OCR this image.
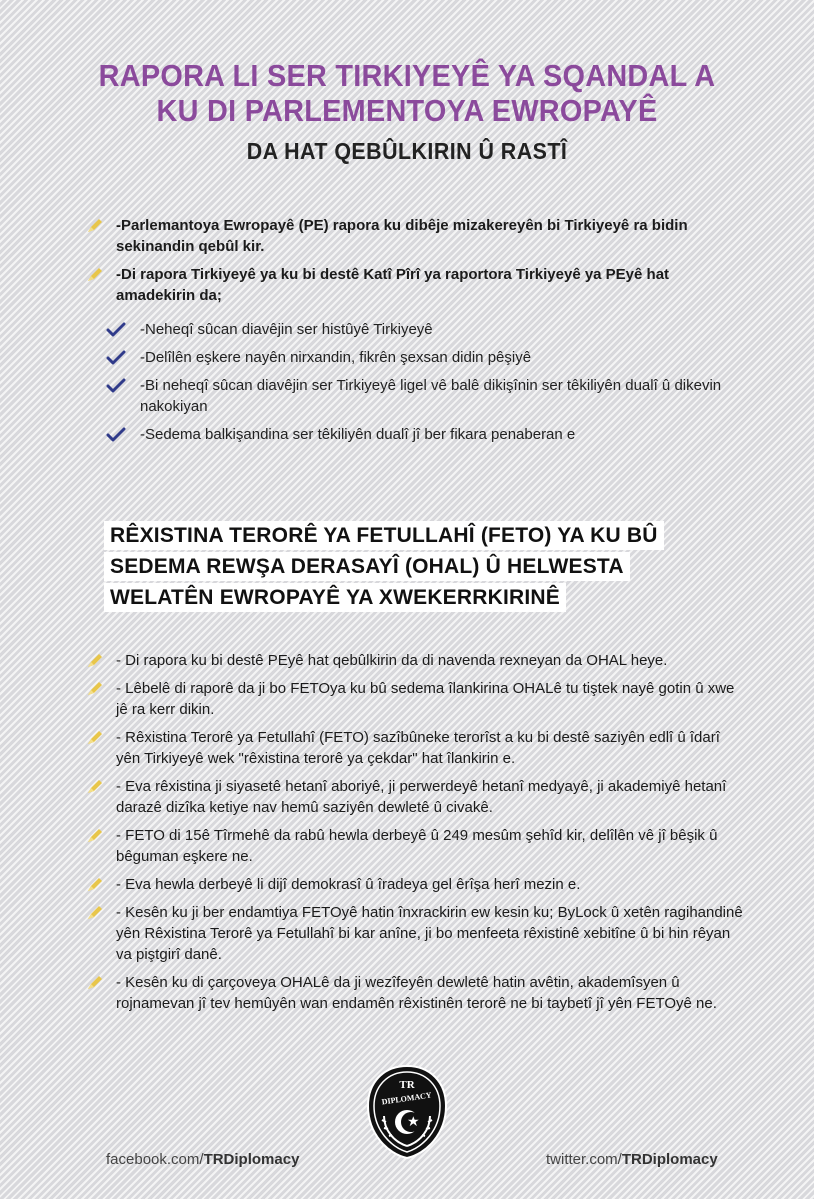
RAPORA LI SER TIRKIYEYÊ YA SQANDAL A
KU DI PARLEMENTOYA EWROPAYÊ
DA HAT QEBÛLKIRIN Û RASTÎ
-Parlemantoya Ewropayê (PE) rapora ku dibêje mizakereyên bi Tirkiyeyê ra bidin sekinandin qebûl kir.
-Di rapora Tirkiyeyê ya ku bi destê Katî Pîrî ya raportora Tirkiyeyê ya PEyê hat amadekirin da;
-Neheqî sûcan diavêjin ser histûyê Tirkiyeyê
-Delîlên eşkere nayên nirxandin, fikrên şexsan didin pêşiyê
-Bi neheqî sûcan diavêjin ser Tirkiyeyê ligel vê balê dikişînin ser têkiliyên dualî û dikevin nakokiyan
-Sedema balkişandina ser têkiliyên dualî jî ber fikara penaberan e
RÊXISTINA TERORÊ YA FETULLAHÎ (FETO) YA KU BÛ
SEDEMA REWŞA DERASAYÎ (OHAL) Û HELWESTA
WELATÊN EWROPAYÊ YA XWEKERRKIRINÊ
- Di rapora ku bi destê PEyê hat qebûlkirin da di navenda rexneyan da OHAL heye.
- Lêbelê di raporê da ji bo FETOya ku bû sedema îlankirina OHALê tu tiştek nayê gotin û xwe jê ra kerr dikin.
- Rêxistina Terorê ya Fetullahî (FETO) sazîbûneke terorîst a ku bi destê saziyên edlî û îdarî yên Tirkiyeyê wek "rêxistina terorê ya çekdar" hat îlankirin e.
- Eva rêxistina ji siyasetê hetanî aboriyê, ji perwerdeyê hetanî medyayê, ji akademiyê hetanî darazê dizîka ketiye nav hemû saziyên dewletê û civakê.
- FETO di 15ê Tîrmehê da rabû hewla derbeyê û 249 mesûm şehîd kir, delîlên vê jî bêşik û bêguman eşkere ne.
- Eva hewla derbeyê li dijî demokrasî û îradeya gel êrîşa herî mezin e.
- Kesên ku ji ber endamtiya FETOyê hatin înxrackirin ew kesin ku; ByLock û xetên ragihandinê yên Rêxistina Terorê ya Fetullahî bi kar anîne, ji bo menfeeta rêxistinê xebitîne û bi hin rêyan va piştgirî danê.
- Kesên ku di çarçoveya OHALê da ji wezîfeyên dewletê hatin avêtin, akademîsyen û rojnamevan jî tev hemûyên wan endamên rêxistinên terorê ne bi taybetî jî yên FETOyê ne.
TR
DIPLOMACY
facebook.com/TRDiplomacy	twitter.com/TRDiplomacy
